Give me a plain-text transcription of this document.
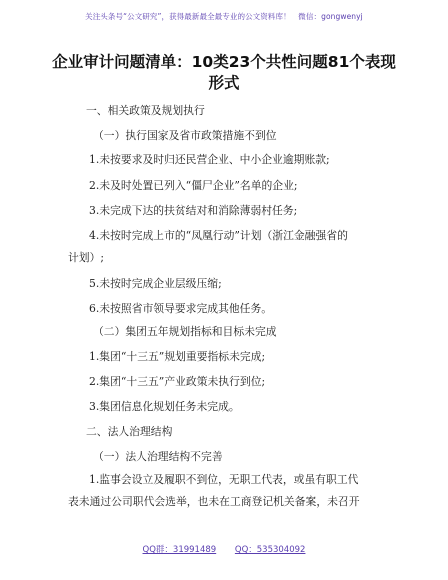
关注头条号“公文研究”，获得最新最全最专业的公文资料库！　微信：gongwenyj
企业审计问题清单：10类23个共性问题81个表现形式
一、相关政策及规划执行
（一）执行国家及省市政策措施不到位
1.未按要求及时归还民营企业、中小企业逾期账款;
2.未及时处置已列入“僵尸企业”名单的企业;
3.未完成下达的扶贫结对和消除薄弱村任务;
4.未按时完成上市的“凤凰行动”计划（浙江金融强省的
计划）;
5.未按时完成企业层级压缩;
6.未按照省市领导要求完成其他任务。
（二）集团五年规划指标和目标未完成
1.集团“十三五”规划重要指标未完成;
2.集团“十三五”产业政策未执行到位;
3.集团信息化规划任务未完成。
二、法人治理结构
（一）法人治理结构不完善
1.监事会设立及履职不到位，无职工代表，或虽有职工代
表未通过公司职代会选举，也未在工商登记机关备案，未召开
QQ群：31991489 QQ：535304092
